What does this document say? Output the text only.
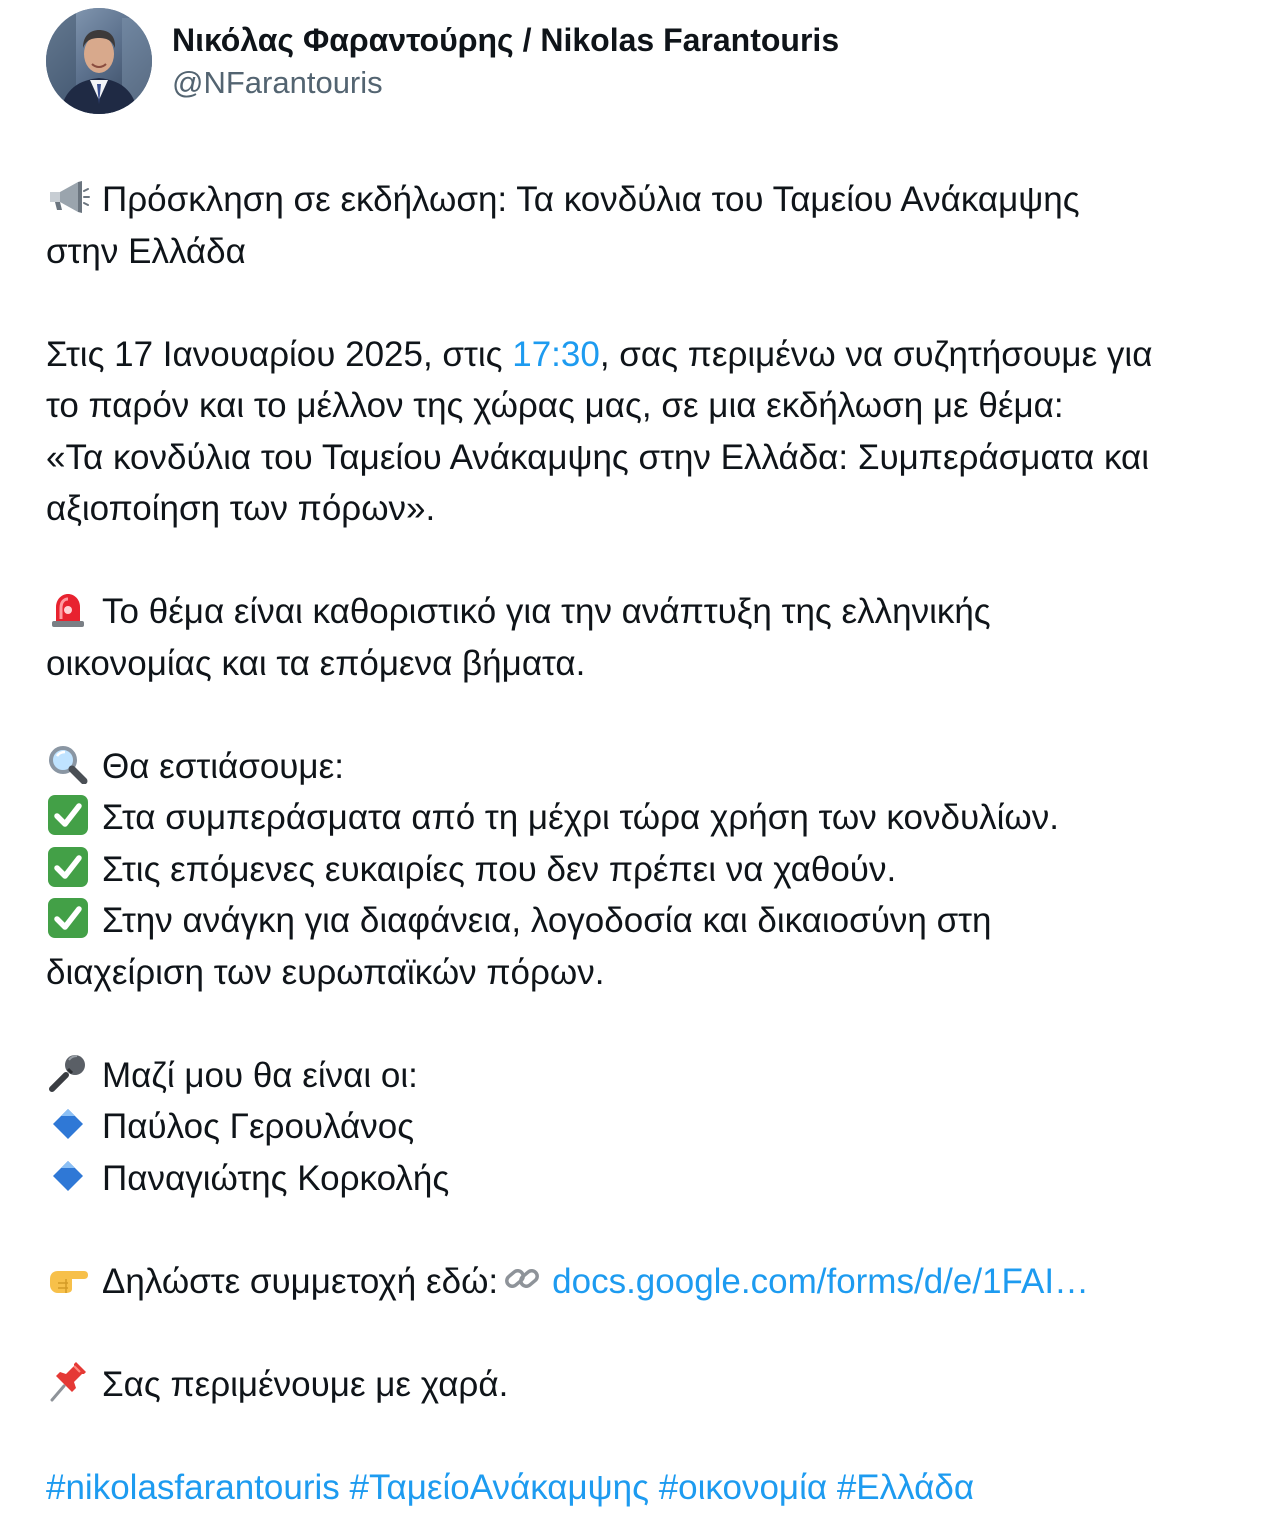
Νικόλας Φαραντούρης / Nikolas Farantouris
@NFarantouris
Πρόσκληση σε εκδήλωση: Τα κονδύλια του Ταμείου Ανάκαμψης
στην Ελλάδα
Στις 17 Ιανουαρίου 2025, στις 17:30, σας περιμένω να συζητήσουμε για
το παρόν και το μέλλον της χώρας μας, σε μια εκδήλωση με θέμα:
«Τα κονδύλια του Ταμείου Ανάκαμψης στην Ελλάδα: Συμπεράσματα και
αξιοποίηση των πόρων».
Το θέμα είναι καθοριστικό για την ανάπτυξη της ελληνικής
οικονομίας και τα επόμενα βήματα.
Θα εστιάσουμε:
Στα συμπεράσματα από τη μέχρι τώρα χρήση των κονδυλίων.
Στις επόμενες ευκαιρίες που δεν πρέπει να χαθούν.
Στην ανάγκη για διαφάνεια, λογοδοσία και δικαιοσύνη στη
διαχείριση των ευρωπαϊκών πόρων.
Μαζί μου θα είναι οι:
Παύλος Γερουλάνος
Παναγιώτης Κορκολής
Δηλώστε συμμετοχή εδώ: docs.google.com/forms/d/e/1FAI…
Σας περιμένουμε με χαρά.
#nikolasfarantouris #ΤαμείοΑνάκαμψης #οικονομία #Ελλάδα
